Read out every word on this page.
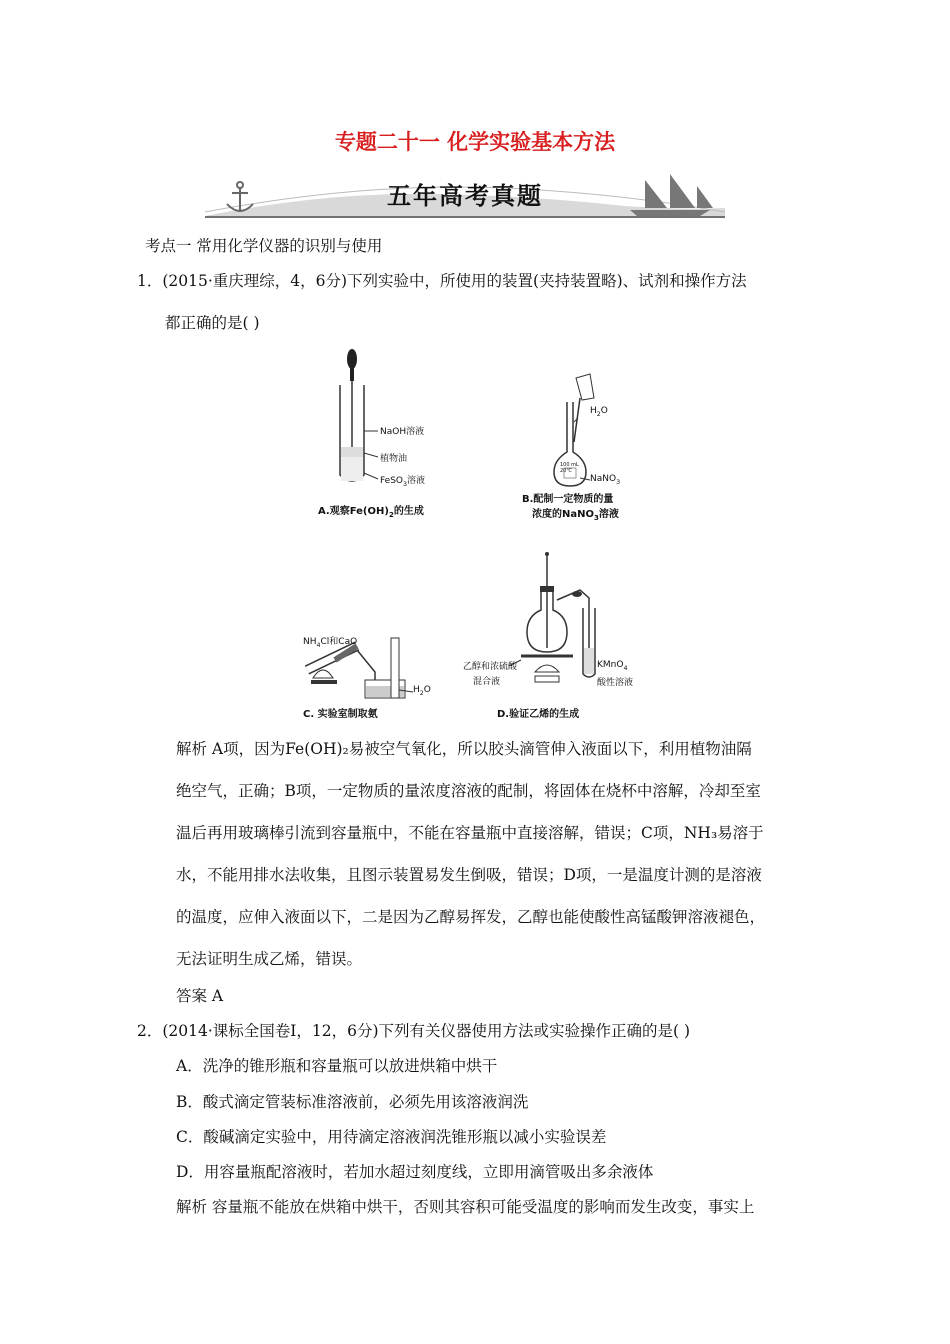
专题二十一 化学实验基本方法
五年高考真题
考点一 常用化学仪器的识别与使用
1．(2015·重庆理综，4，6分)下列实验中，所使用的装置(夹持装置略)、试剂和操作方法
都正确的是( )
NaOH溶液
植物油
FeSO$_3$溶液
A.观察$Fe(OH)_2$的生成
$H_2O$
100 mL
20℃
NaNO$_3$
B.配制一定物质的量
浓度的NaNO$_3$溶液
$NH_4Cl$和CaO
$H_2O$
C. 实验室制取氨
乙醇和浓硫酸
混合液
KMnO$_4$
酸性溶液
D.验证乙烯的生成
解析 A项，因为Fe(OH)₂易被空气氧化，所以胶头滴管伸入液面以下，利用植物油隔
绝空气，正确；B项，一定物质的量浓度溶液的配制，将固体在烧杯中溶解，冷却至室
温后再用玻璃棒引流到容量瓶中，不能在容量瓶中直接溶解，错误；C项，NH₃易溶于
水，不能用排水法收集，且图示装置易发生倒吸，错误；D项，一是温度计测的是溶液
的温度，应伸入液面以下，二是因为乙醇易挥发，乙醇也能使酸性高锰酸钾溶液褪色，
无法证明生成乙烯，错误。
答案 A
2．(2014·课标全国卷Ⅰ，12，6分)下列有关仪器使用方法或实验操作正确的是( )
A．洗净的锥形瓶和容量瓶可以放进烘箱中烘干
B．酸式滴定管装标准溶液前，必须先用该溶液润洗
C．酸碱滴定实验中，用待滴定溶液润洗锥形瓶以减小实验误差
D．用容量瓶配溶液时，若加水超过刻度线，立即用滴管吸出多余液体
解析 容量瓶不能放在烘箱中烘干，否则其容积可能受温度的影响而发生改变，事实上
